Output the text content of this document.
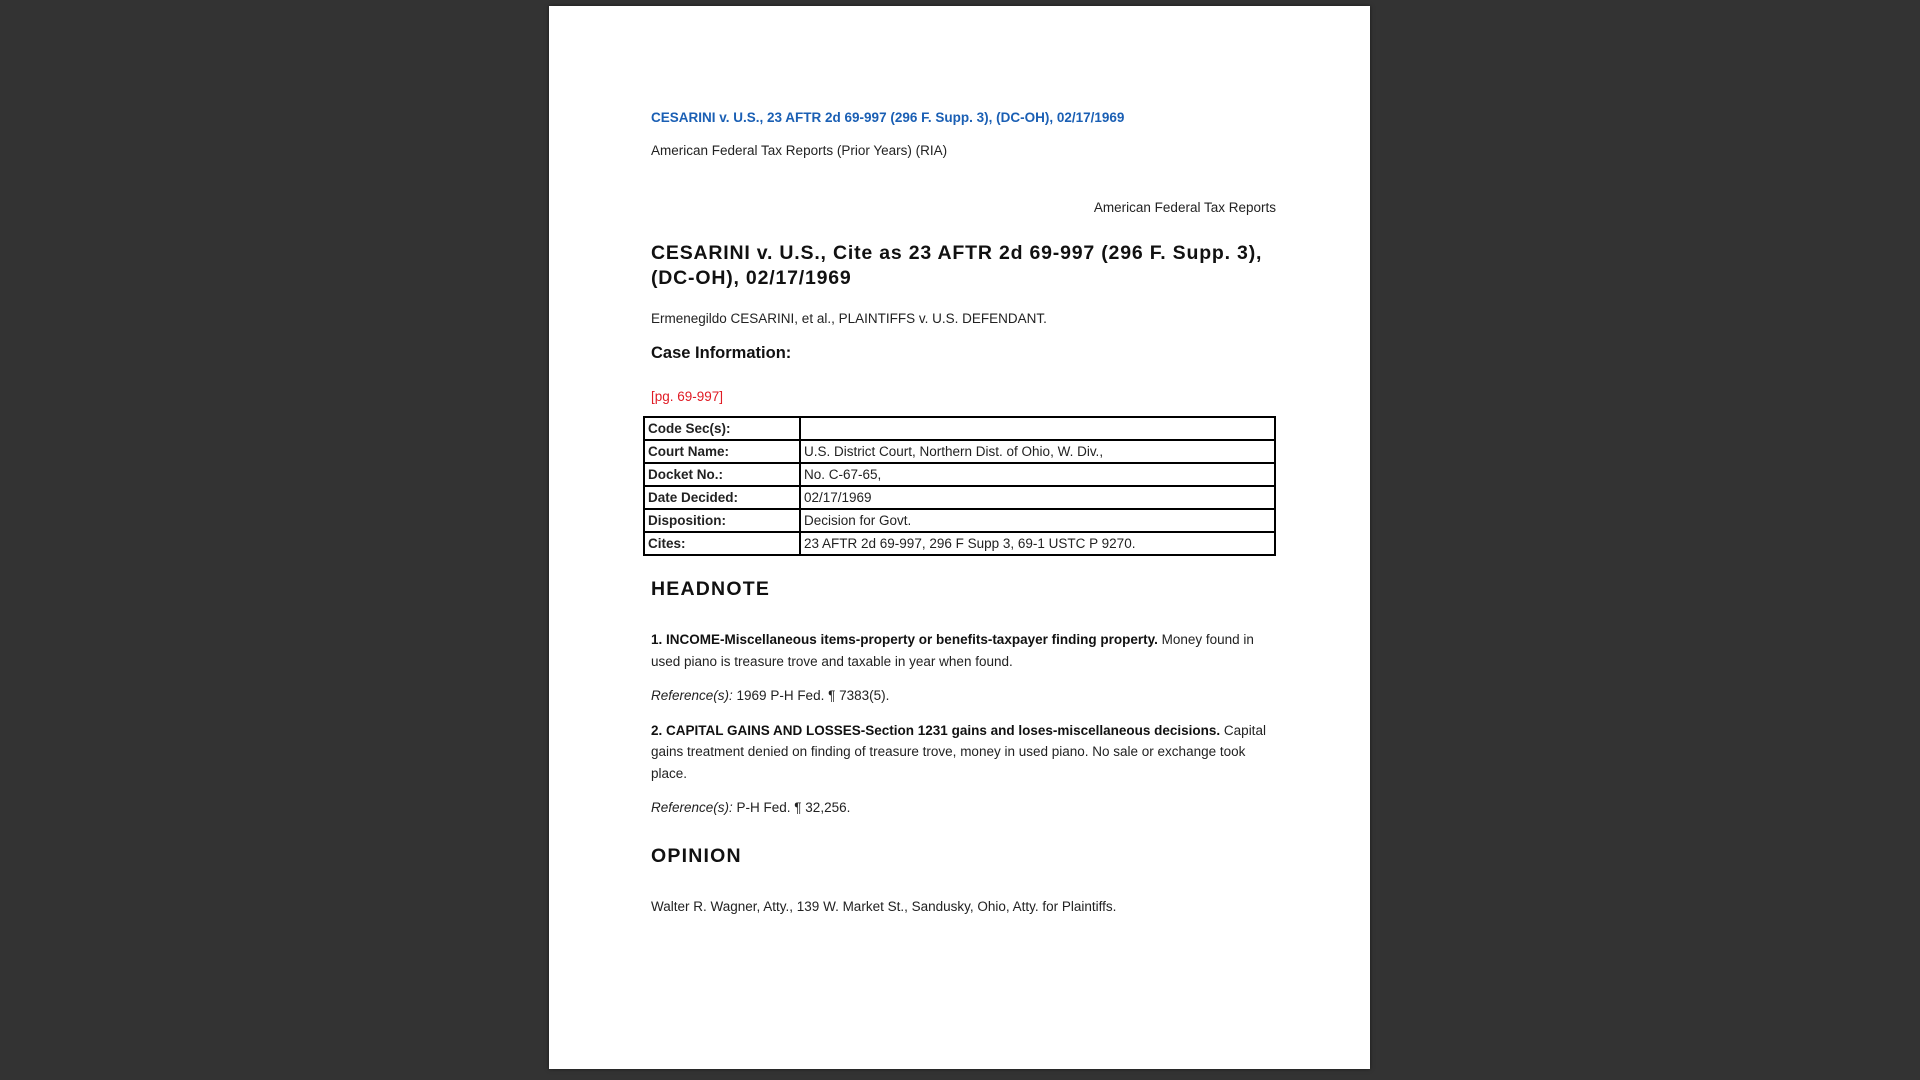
CESARINI v. U.S., 23 AFTR 2d 69-997 (296 F. Supp. 3), (DC-OH), 02/17/1969
American Federal Tax Reports (Prior Years) (RIA)
American Federal Tax Reports
CESARINI v. U.S., Cite as 23 AFTR 2d 69-997 (296 F. Supp. 3), (DC-OH), 02/17/1969
Ermenegildo CESARINI, et al., PLAINTIFFS v. U.S. DEFENDANT.
Case Information:
[pg. 69-997]
Code Sec(s):	
Court Name:	U.S. District Court, Northern Dist. of Ohio, W. Div.,
Docket No.:	No. C-67-65,
Date Decided:	02/17/1969
Disposition:	Decision for Govt.
Cites:	23 AFTR 2d 69-997, 296 F Supp 3, 69-1 USTC P 9270.
HEADNOTE
1. INCOME-Miscellaneous items-property or benefits-taxpayer finding property. Money found in used piano is treasure trove and taxable in year when found.
Reference(s): 1969 P-H Fed. ¶ 7383(5).
2. CAPITAL GAINS AND LOSSES-Section 1231 gains and loses-miscellaneous decisions. Capital gains treatment denied on finding of treasure trove, money in used piano. No sale or exchange took place.
Reference(s): P-H Fed. ¶ 32,256.
OPINION
Walter R. Wagner, Atty., 139 W. Market St., Sandusky, Ohio, Atty. for Plaintiffs.
